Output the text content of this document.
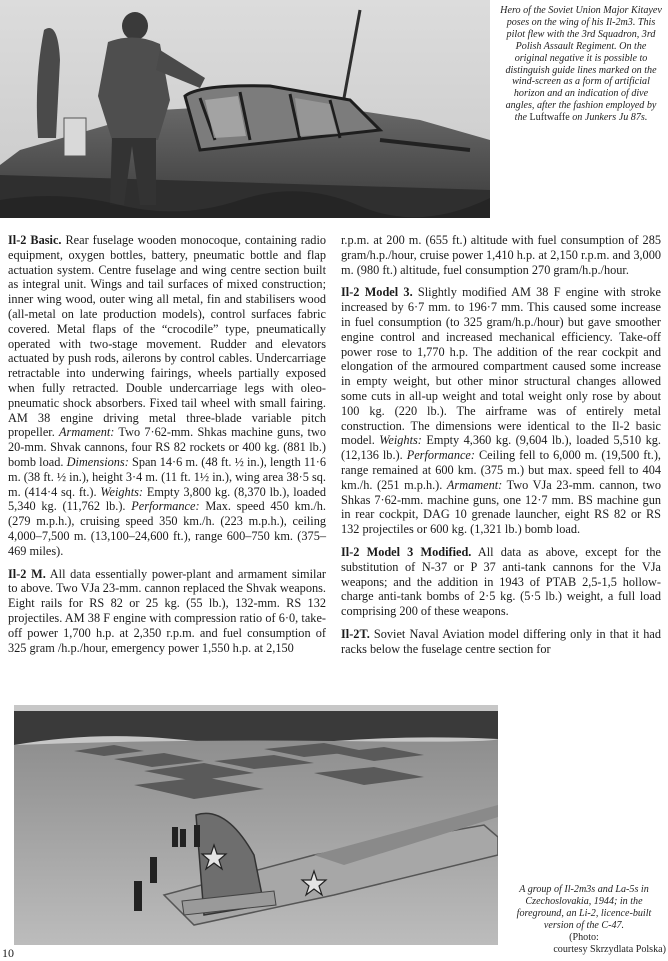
Hero of the Soviet Union Major Kitayev poses on the wing of his Il-2m3. This pilot flew with the 3rd Squadron, 3rd Polish Assault Regiment. On the original negative it is possible to distinguish guide lines marked on the wind-screen as a form of artificial horizon and an indication of dive angles, after the fashion employed by the Luftwaffe on Junkers Ju 87s.

Il-2 Basic. Rear fuselage wooden monocoque, containing radio equipment, oxygen bottles, battery, pneumatic bottle and flap actuation system. Centre fuselage and wing centre section built as integral unit. Wings and tail surfaces of mixed construction; inner wing wood, outer wing all metal, fin and stabilisers wood (all-metal on late production models), control surfaces fabric covered. Metal flaps of the “crocodile” type, pneumatically operated with two-stage movement. Rudder and elevators actuated by push rods, ailerons by control cables. Undercarriage retractable into underwing fairings, wheels partially exposed when fully retracted. Double undercarriage legs with oleo-pneumatic shock absorbers. Fixed tail wheel with small fairing. AM 38 engine driving metal three-blade variable pitch propeller. Armament: Two 7·62-mm. Shkas machine guns, two 20-mm. Shvak cannons, four RS 82 rockets or 400 kg. (881 lb.) bomb load. Dimensions: Span 14·6 m. (48 ft. ½ in.), length 11·6 m. (38 ft. ½ in.), height 3·4 m. (11 ft. 1½ in.), wing area 38·5 sq. m. (414·4 sq. ft.). Weights: Empty 3,800 kg. (8,370 lb.), loaded 5,340 kg. (11,762 lb.). Performance: Max. speed 450 km./h. (279 m.p.h.), cruising speed 350 km./h. (223 m.p.h.), ceiling 4,000–7,500 m. (13,100–24,600 ft.), range 600–750 km. (375–469 miles).

Il-2 M. All data essentially power-plant and armament similar to above. Two VJa 23-mm. cannon replaced the Shvak weapons. Eight rails for RS 82 or 25 kg. (55 lb.), 132-mm. RS 132 projectiles. AM 38 F engine with compression ratio of 6·0, take-off power 1,700 h.p. at 2,350 r.p.m. and fuel consumption of 325 gram /h.p./hour, emergency power 1,550 h.p. at 2,150

r.p.m. at 200 m. (655 ft.) altitude with fuel consumption of 285 gram/h.p./hour, cruise power 1,410 h.p. at 2,150 r.p.m. and 3,000 m. (980 ft.) altitude, fuel consumption 270 gram/h.p./hour.

Il-2 Model 3. Slightly modified AM 38 F engine with stroke increased by 6·7 mm. to 196·7 mm. This caused some increase in fuel consumption (to 325 gram/h.p./hour) but gave smoother engine control and increased mechanical efficiency. Take-off power rose to 1,770 h.p. The addition of the rear cockpit and elongation of the armoured compartment caused some increase in empty weight, but other minor structural changes allowed some cuts in all-up weight and total weight only rose by about 100 kg. (220 lb.). The airframe was of entirely metal construction. The dimensions were identical to the Il-2 basic model. Weights: Empty 4,360 kg. (9,604 lb.), loaded 5,510 kg. (12,136 lb.). Performance: Ceiling fell to 6,000 m. (19,500 ft.), range remained at 600 km. (375 m.) but max. speed fell to 404 km./h. (251 m.p.h.). Armament: Two VJa 23-mm. cannon, two Shkas 7·62-mm. machine guns, one 12·7 mm. BS machine gun in rear cockpit, DAG 10 grenade launcher, eight RS 82 or RS 132 projectiles or 600 kg. (1,321 lb.) bomb load.

Il-2 Model 3 Modified. All data as above, except for the substitution of N-37 or P 37 anti-tank cannons for the VJa weapons; and the addition in 1943 of PTAB 2,5-1,5 hollow-charge anti-tank bombs of 2·5 kg. (5·5 lb.) weight, a full load comprising 200 of these weapons.

Il-2T. Soviet Naval Aviation model differing only in that it had racks below the fuselage centre section for

A group of Il-2m3s and La-5s in Czechoslovakia, 1944; in the foreground, an Li-2, licence-built version of the C-47.
(Photo:
courtesy Skrzydlata Polska)
10
